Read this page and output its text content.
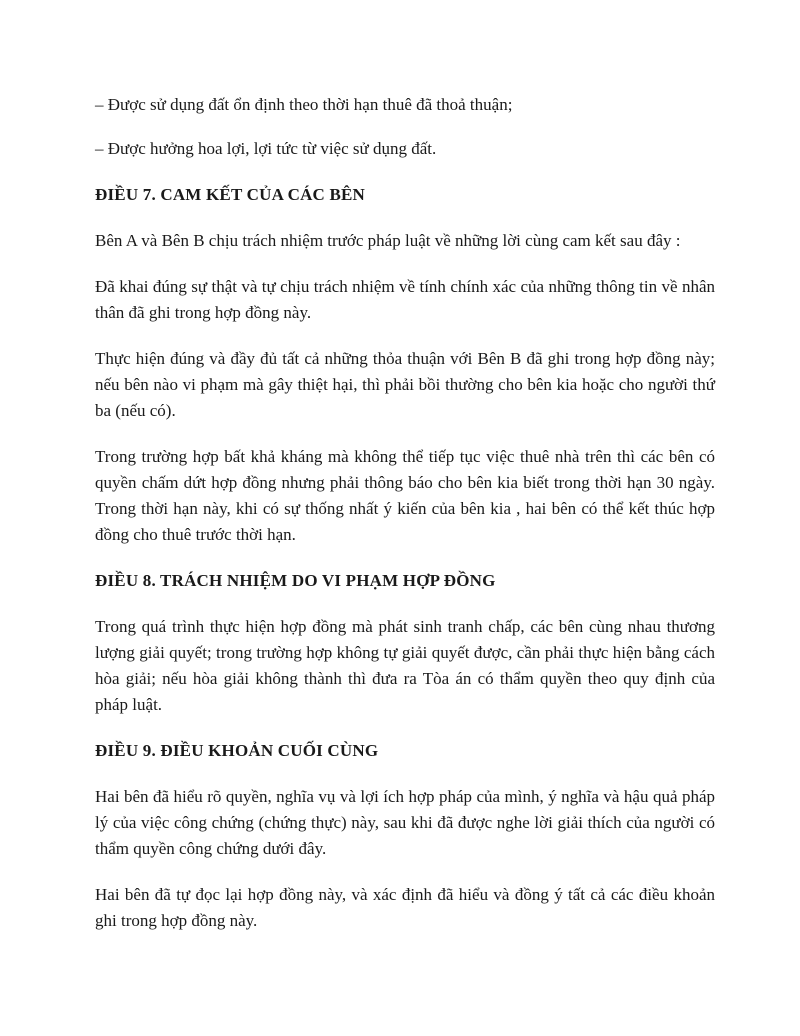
– Được sử dụng đất ổn định theo thời hạn thuê đã thoả thuận;

– Được hưởng hoa lợi, lợi tức từ việc sử dụng đất.

ĐIỀU 7. CAM KẾT CỦA CÁC BÊN

Bên A và Bên B chịu trách nhiệm trước pháp luật về những lời cùng cam kết sau đây :

Đã khai đúng sự thật và tự chịu trách nhiệm về tính chính xác của những thông tin về nhân thân đã ghi trong hợp đồng này.

Thực hiện đúng và đầy đủ tất cả những thỏa thuận với Bên B đã ghi trong hợp đồng này; nếu bên nào vi phạm mà gây thiệt hại, thì phải bồi thường cho bên kia hoặc cho người thứ ba (nếu có).

Trong trường hợp bất khả kháng mà không thể tiếp tục việc thuê nhà trên thì các bên có quyền chấm dứt hợp đồng nhưng phải thông báo cho bên kia biết trong thời hạn 30 ngày. Trong thời hạn này, khi có sự thống nhất ý kiến của bên kia , hai bên có thể kết thúc hợp đồng cho thuê trước thời hạn.

ĐIỀU 8. TRÁCH NHIỆM DO VI PHẠM HỢP ĐỒNG

Trong quá trình thực hiện hợp đồng mà phát sinh tranh chấp, các bên cùng nhau thương lượng giải quyết; trong trường hợp không tự giải quyết được, cần phải thực hiện bằng cách hòa giải; nếu hòa giải không thành thì đưa ra Tòa án có thẩm quyền theo quy định của pháp luật.

ĐIỀU 9. ĐIỀU KHOẢN CUỐI CÙNG

Hai bên đã hiểu rõ quyền, nghĩa vụ và lợi ích hợp pháp của mình, ý nghĩa và hậu quả pháp lý của việc công chứng (chứng thực) này, sau khi đã được nghe lời giải thích của người có thẩm quyền công chứng dưới đây.

Hai bên đã tự đọc lại hợp đồng này, và xác định đã hiểu và đồng ý tất cả các điều khoản ghi trong hợp đồng này.
